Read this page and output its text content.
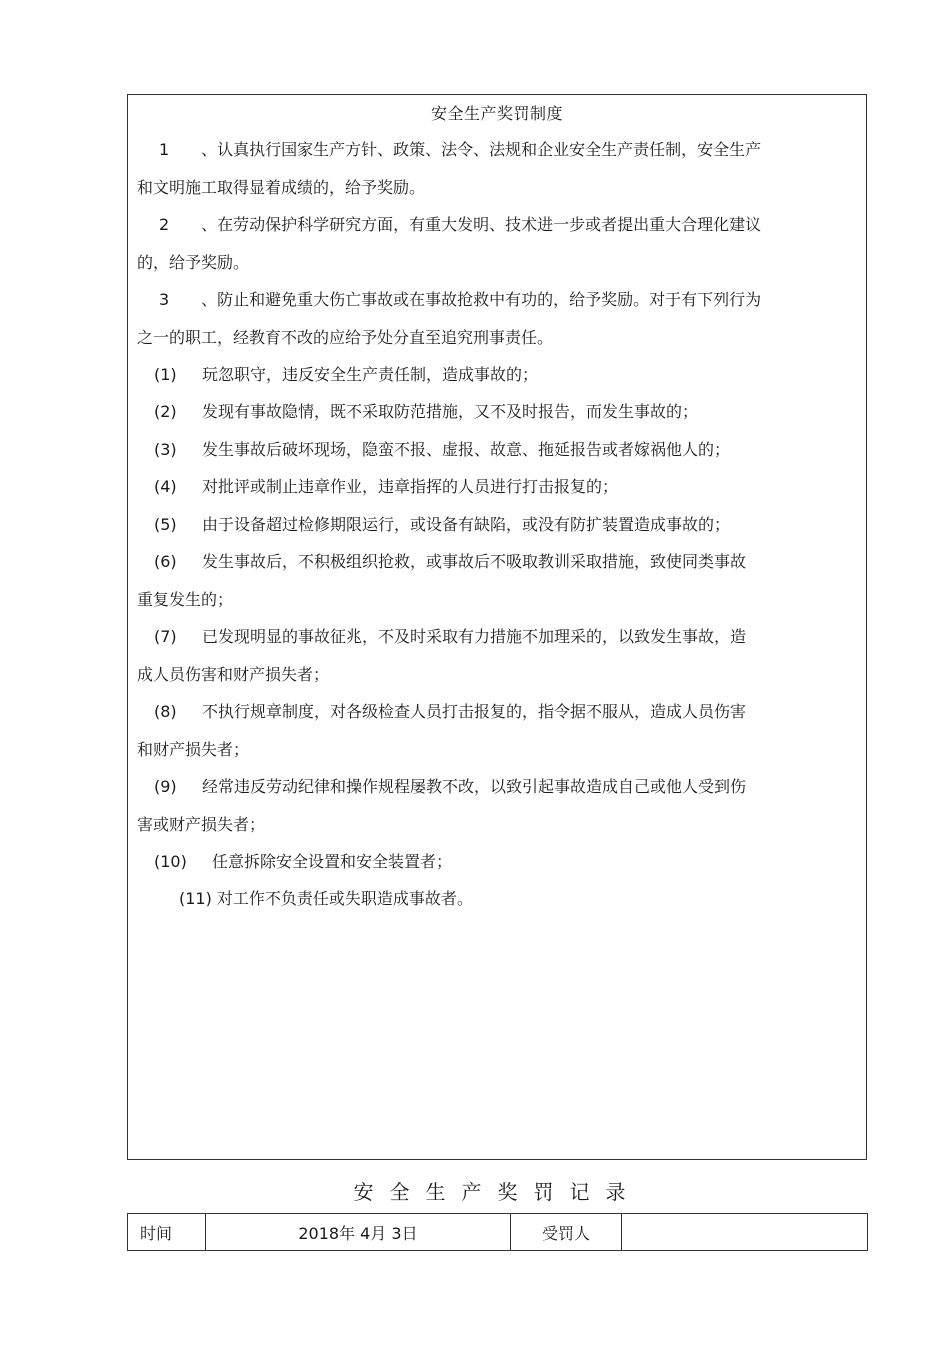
安全生产奖罚制度
1　　、认真执行国家生产方针、政策、法令、法规和企业安全生产责任制，安全生产
和文明施工取得显着成绩的，给予奖励。
2　　、在劳动保护科学研究方面，有重大发明、技术进一步或者提出重大合理化建议
的，给予奖励。
3　　、防止和避免重大伤亡事故或在事故抢救中有功的，给予奖励。对于有下列行为
之一的职工，经教育不改的应给予处分直至追究刑事责任。
(1) 玩忽职守，违反安全生产责任制，造成事故的；
(2) 发现有事故隐情，既不采取防范措施，又不及时报告，而发生事故的；
(3) 发生事故后破坏现场，隐蛮不报、虚报、故意、拖延报告或者嫁祸他人的；
(4) 对批评或制止违章作业，违章指挥的人员进行打击报复的；
(5) 由于设备超过检修期限运行，或设备有缺陷，或没有防扩装置造成事故的；
(6) 发生事故后，不积极组织抢救，或事故后不吸取教训采取措施，致使同类事故
重复发生的；
(7) 已发现明显的事故征兆，不及时采取有力措施不加理采的，以致发生事故，造
成人员伤害和财产损失者；
(8) 不执行规章制度，对各级检查人员打击报复的，指令据不服从，造成人员伤害
和财产损失者；
(9) 经常违反劳动纪律和操作规程屡教不改，以致引起事故造成自己或他人受到伤
害或财产损失者；
(10) 任意拆除安全设置和安全装置者；
(11) 对工作不负责任或失职造成事故者。
安全生产奖罚记录
时间	2018年 4月 3日	受罚人	
